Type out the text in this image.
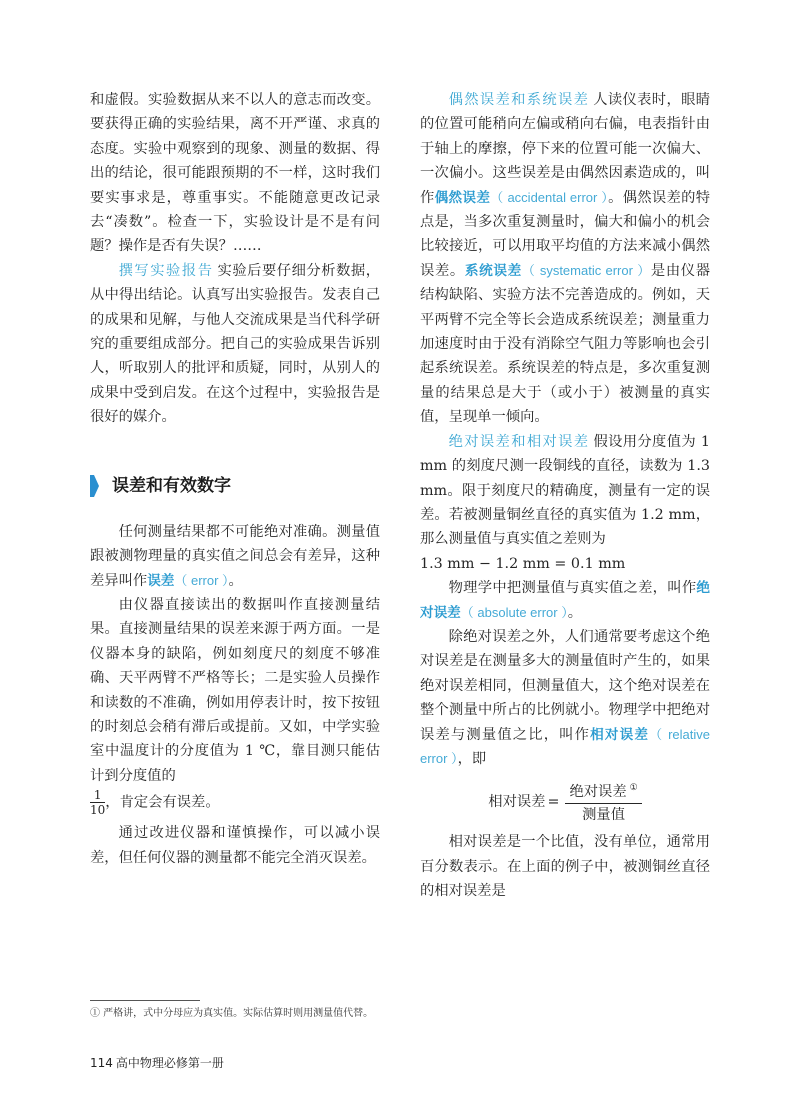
和虚假。实验数据从来不以人的意志而改变。要获得正确的实验结果，离不开严谨、求真的态度。实验中观察到的现象、测量的数据、得出的结论，很可能跟预期的不一样，这时我们要实事求是，尊重事实。不能随意更改记录去“凑数”。检查一下，实验设计是不是有问题？操作是否有失误？……

撰写实验报告 实验后要仔细分析数据，从中得出结论。认真写出实验报告。发表自己的成果和见解，与他人交流成果是当代科学研究的重要组成部分。把自己的实验成果告诉别人，听取别人的批评和质疑，同时，从别人的成果中受到启发。在这个过程中，实验报告是很好的媒介。

误差和有效数字

任何测量结果都不可能绝对准确。测量值跟被测物理量的真实值之间总会有差异，这种差异叫作误差（ error ）。

由仪器直接读出的数据叫作直接测量结果。直接测量结果的误差来源于两方面。一是仪器本身的缺陷，例如刻度尺的刻度不够准确、天平两臂不严格等长；二是实验人员操作和读数的不准确，例如用停表计时，按下按钮的时刻总会稍有滞后或提前。又如，中学实验室中温度计的分度值为 1 ℃，靠目测只能估计到分度值的

$\frac{1}{10}$ ，肯定会有误差。

通过改进仪器和谨慎操作，可以减小误差，但任何仪器的测量都不能完全消灭误差。

偶然误差和系统误差 人读仪表时，眼睛的位置可能稍向左偏或稍向右偏，电表指针由于轴上的摩擦，停下来的位置可能一次偏大、一次偏小。这些误差是由偶然因素造成的，叫作偶然误差（ accidental error ）。偶然误差的特点是，当多次重复测量时，偏大和偏小的机会比较接近，可以用取平均值的方法来减小偶然误差。系统误差（ systematic error ）是由仪器结构缺陷、实验方法不完善造成的。例如，天平两臂不完全等长会造成系统误差；测量重力加速度时由于没有消除空气阻力等影响也会引起系统误差。系统误差的特点是，多次重复测量的结果总是大于（或小于）被测量的真实值，呈现单一倾向。

绝对误差和相对误差 假设用分度值为 1 mm 的刻度尺测一段铜线的直径，读数为 1.3 mm。限于刻度尺的精确度，测量有一定的误差。若被测量铜丝直径的真实值为 1.2 mm，那么测量值与真实值之差则为

1.3 mm − 1.2 mm = 0.1 mm

物理学中把测量值与真实值之差，叫作绝对误差（ absolute error ）。

除绝对误差之外，人们通常要考虑这个绝对误差是在测量多大的测量值时产生的，如果绝对误差相同，但测量值大，这个绝对误差在整个测量中所占的比例就小。物理学中把绝对误差与测量值之比，叫作相对误差（ relative error ），即

相对误差 = $\frac{绝对误差 ^①}{\text{测量值}}$

相对误差是一个比值，没有单位，通常用百分数表示。在上面的例子中，被测铜丝直径的相对误差是

① 严格讲，式中分母应为真实值。实际估算时则用测量值代替。
114 高中物理必修第一册
